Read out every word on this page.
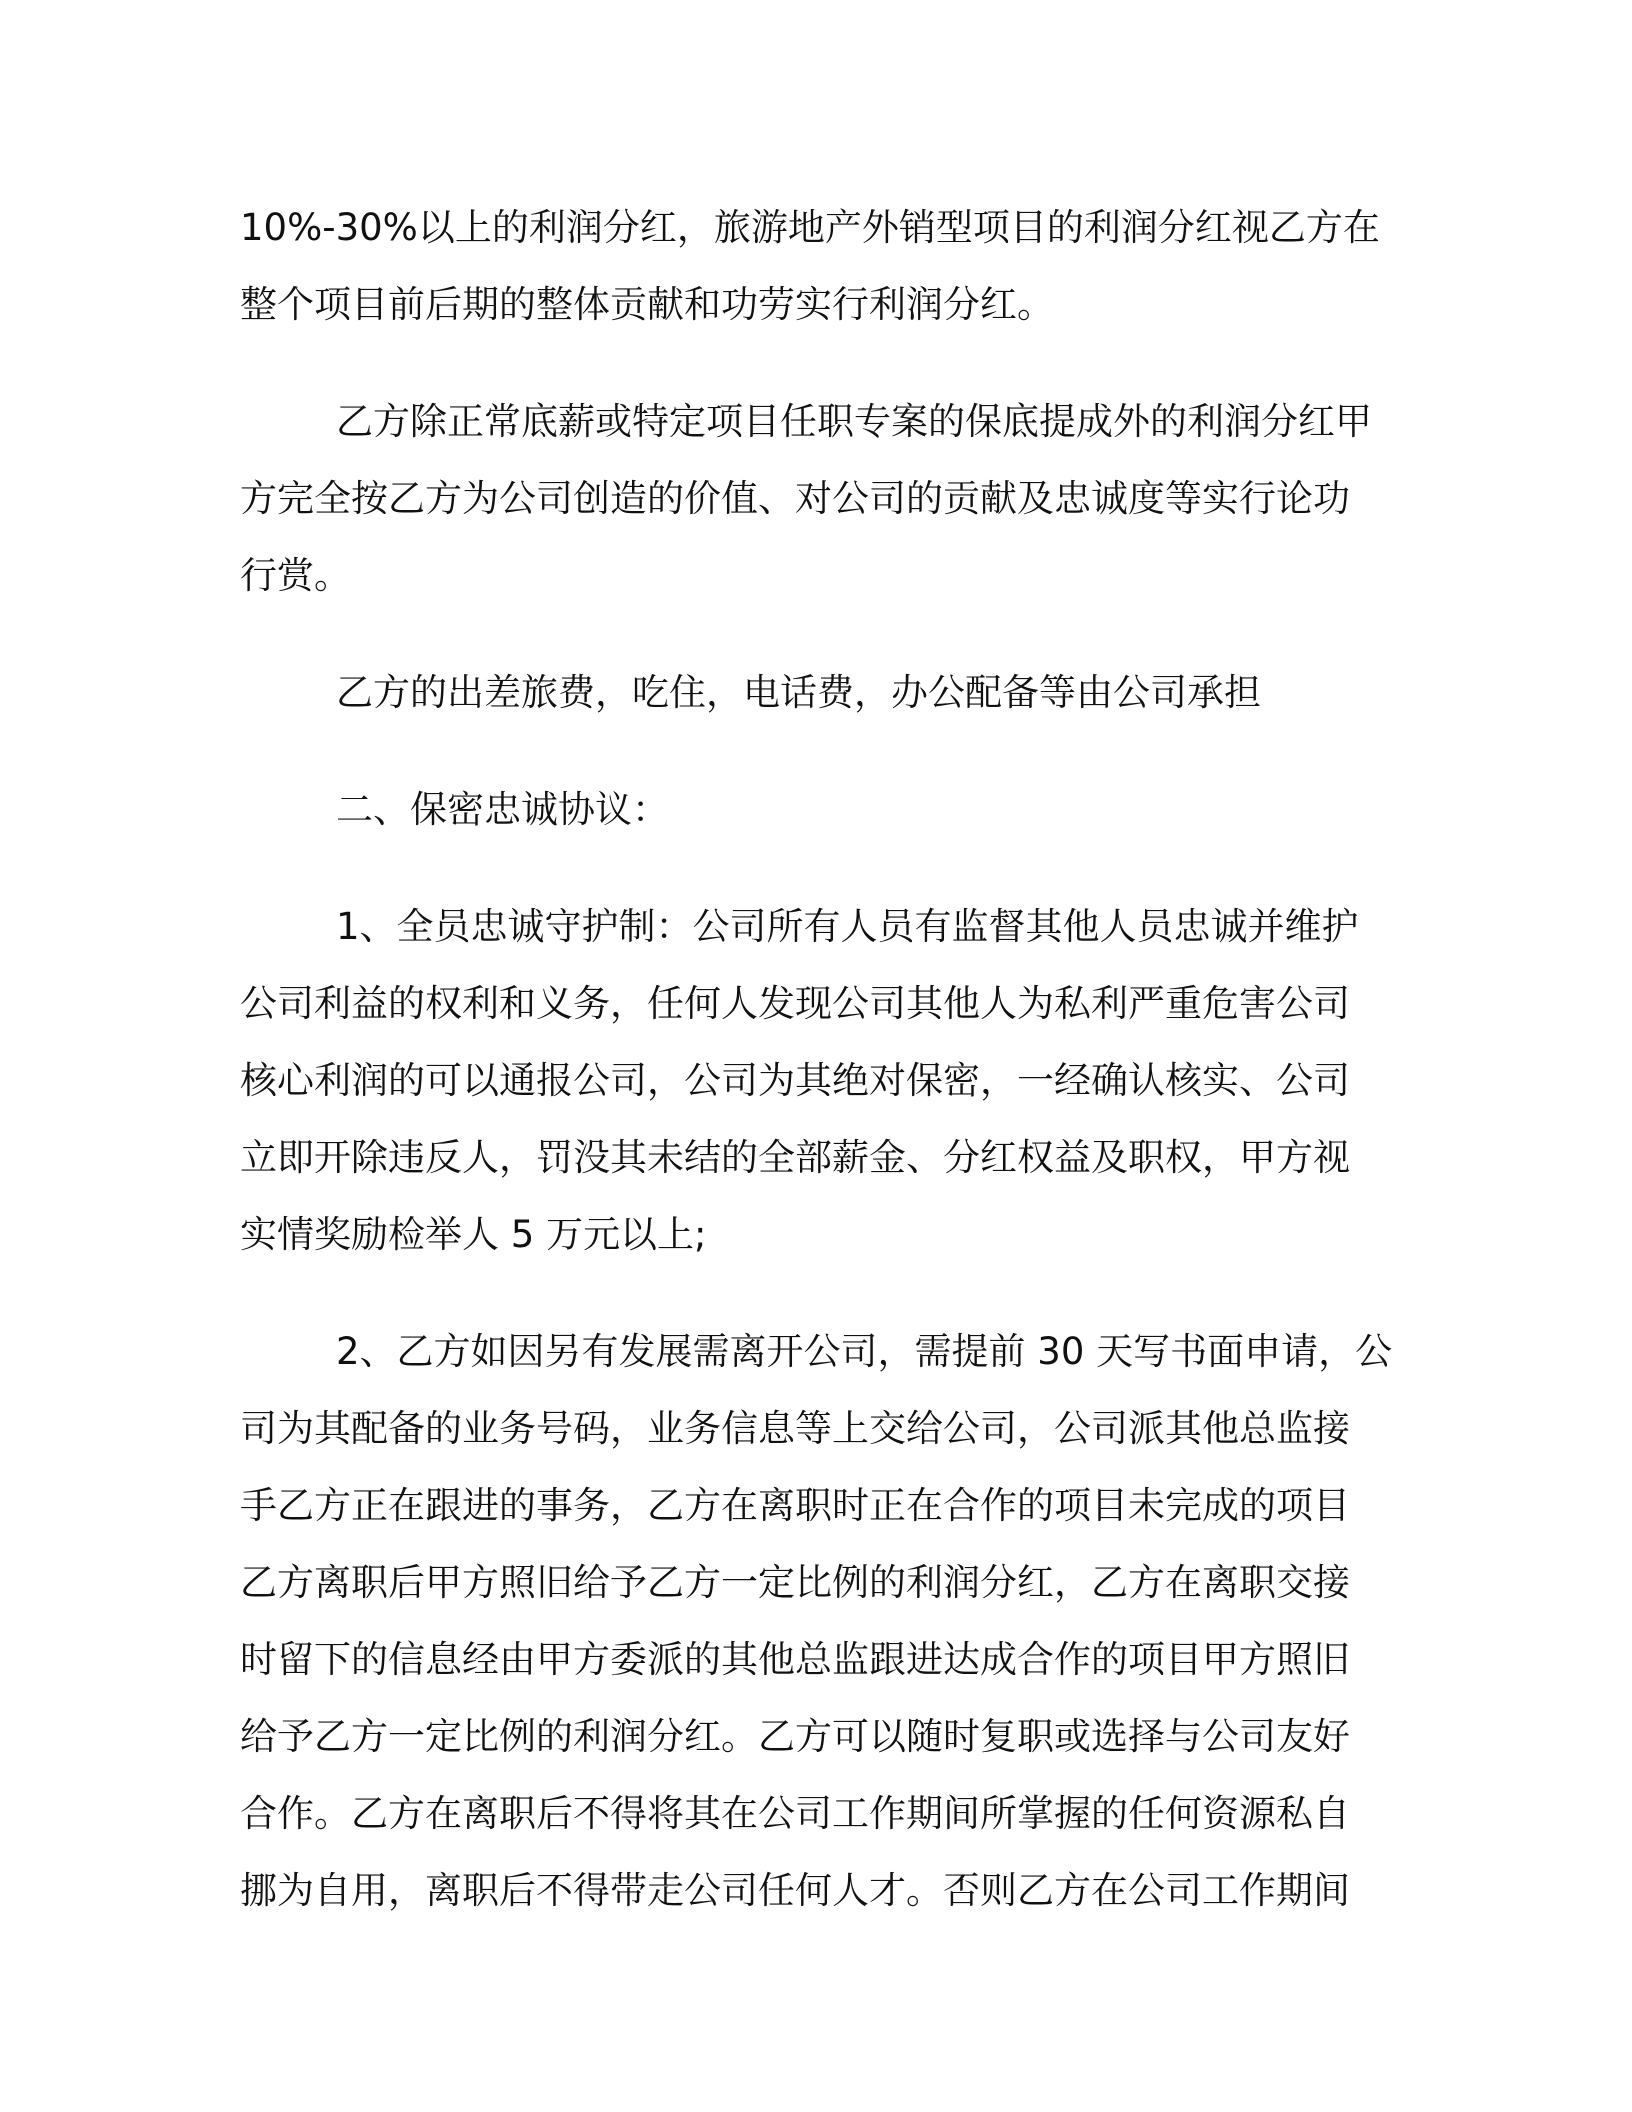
10%-30%以上的利润分红，旅游地产外销型项目的利润分红视乙方在
整个项目前后期的整体贡献和功劳实行利润分红。

乙方除正常底薪或特定项目任职专案的保底提成外的利润分红甲
方完全按乙方为公司创造的价值、对公司的贡献及忠诚度等实行论功
行赏。

乙方的出差旅费，吃住，电话费，办公配备等由公司承担

二、保密忠诚协议：

1、全员忠诚守护制：公司所有人员有监督其他人员忠诚并维护
公司利益的权利和义务，任何人发现公司其他人为私利严重危害公司
核心利润的可以通报公司，公司为其绝对保密，一经确认核实、公司
立即开除违反人，罚没其未结的全部薪金、分红权益及职权，甲方视
实情奖励检举人 5 万元以上;

2、乙方如因另有发展需离开公司，需提前 30 天写书面申请，公
司为其配备的业务号码，业务信息等上交给公司，公司派其他总监接
手乙方正在跟进的事务，乙方在离职时正在合作的项目未完成的项目
乙方离职后甲方照旧给予乙方一定比例的利润分红，乙方在离职交接
时留下的信息经由甲方委派的其他总监跟进达成合作的项目甲方照旧
给予乙方一定比例的利润分红。乙方可以随时复职或选择与公司友好
合作。乙方在离职后不得将其在公司工作期间所掌握的任何资源私自
挪为自用，离职后不得带走公司任何人才。否则乙方在公司工作期间
